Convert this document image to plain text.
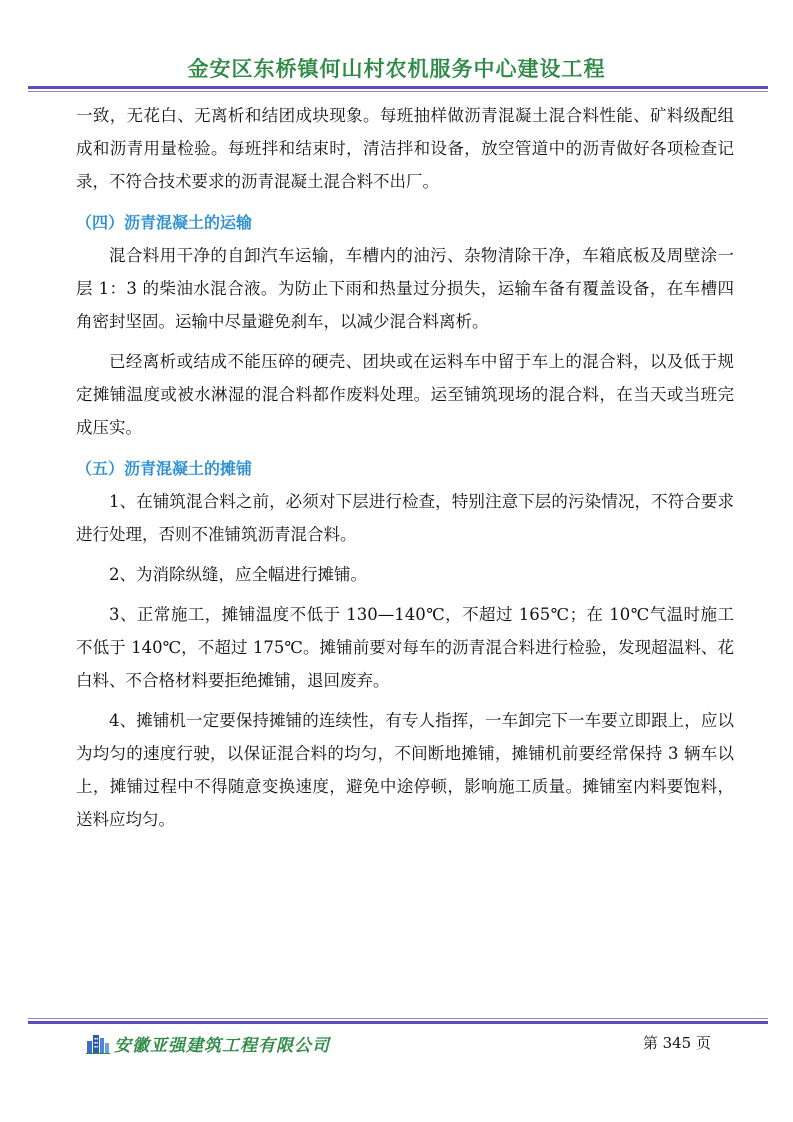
金安区东桥镇何山村农机服务中心建设工程

一致，无花白、无离析和结团成块现象。每班抽样做沥青混凝土混合料性能、矿料级配组成和沥青用量检验。每班拌和结束时，清洁拌和设备，放空管道中的沥青做好各项检查记录，不符合技术要求的沥青混凝土混合料不出厂。

（四）沥青混凝土的运输

混合料用干净的自卸汽车运输，车槽内的油污、杂物清除干净，车箱底板及周壁涂一层 1：3 的柴油水混合液。为防止下雨和热量过分损失，运输车备有覆盖设备，在车槽四角密封坚固。运输中尽量避免刹车，以减少混合料离析。

已经离析或结成不能压碎的硬壳、团块或在运料车中留于车上的混合料，以及低于规定摊铺温度或被水淋湿的混合料都作废料处理。运至铺筑现场的混合料，在当天或当班完成压实。

（五）沥青混凝土的摊铺

1、在铺筑混合料之前，必须对下层进行检查，特别注意下层的污染情况，不符合要求进行处理，否则不准铺筑沥青混合料。

2、为消除纵缝，应全幅进行摊铺。

3、正常施工，摊铺温度不低于 130—140℃，不超过 165℃；在 10℃气温时施工不低于 140℃，不超过 175℃。摊铺前要对每车的沥青混合料进行检验，发现超温料、花白料、不合格材料要拒绝摊铺，退回废弃。

4、摊铺机一定要保持摊铺的连续性，有专人指挥，一车卸完下一车要立即跟上，应以为均匀的速度行驶，以保证混合料的均匀，不间断地摊铺，摊铺机前要经常保持 3 辆车以上，摊铺过程中不得随意变换速度，避免中途停顿，影响施工质量。摊铺室内料要饱料，送料应均匀。

安徽亚强建筑工程有限公司	第 345 页
